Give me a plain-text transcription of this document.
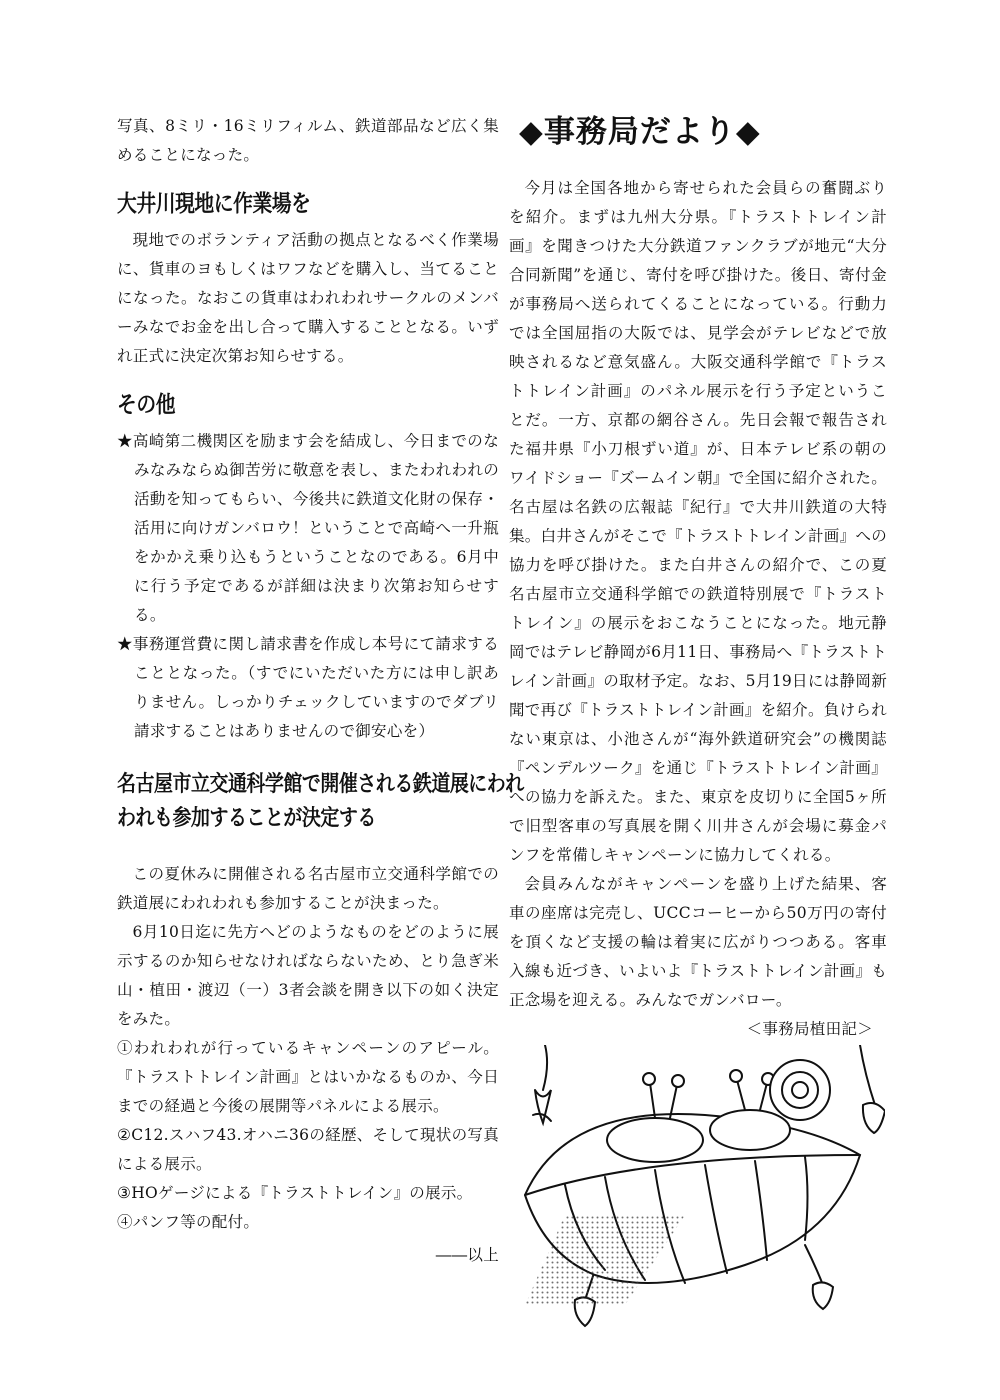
写真、8ミリ・16ミリフィルム、鉄道部品など広く集めることになった。

大井川現地に作業場を

現地でのボランティア活動の拠点となるべく作業場に、貨車のヨもしくはワフなどを購入し、当てることになった。なおこの貨車はわれわれサークルのメンバーみなでお金を出し合って購入することとなる。いずれ正式に決定次第お知らせする。

その他

★高崎第二機関区を励ます会を結成し、今日までのなみなみならぬ御苦労に敬意を表し、またわれわれの活動を知ってもらい、今後共に鉄道文化財の保存・活用に向けガンバロウ！ということで高崎へ一升瓶をかかえ乗り込もうということなのである。6月中に行う予定であるが詳細は決まり次第お知らせする。

★事務運営費に関し請求書を作成し本号にて請求することとなった。（すでにいただいた方には申し訳ありません。しっかりチェックしていますのでダブリ請求することはありませんので御安心を）

名古屋市立交通科学館で開催される鉄道展にわれ
われも参加することが決定する

この夏休みに開催される名古屋市立交通科学館での鉄道展にわれわれも参加することが決まった。

6月10日迄に先方へどのようなものをどのように展示するのか知らせなければならないため、とり急ぎ米山・植田・渡辺（一）3者会談を開き以下の如く決定をみた。

①われわれが行っているキャンペーンのアピール。『トラストトレイン計画』とはいかなるものか、今日までの経過と今後の展開等パネルによる展示。

②C12.スハフ43.オハニ36の経歴、そして現状の写真による展示。

③HOゲージによる『トラストトレイン』の展示。

④パンフ等の配付。

――以上

◆事務局だより◆

今月は全国各地から寄せられた会員らの奮闘ぶりを紹介。まずは九州大分県。『トラストトレイン計画』を聞きつけた大分鉄道ファンクラブが地元“大分合同新聞”を通じ、寄付を呼び掛けた。後日、寄付金が事務局へ送られてくることになっている。行動力では全国屈指の大阪では、見学会がテレビなどで放映されるなど意気盛ん。大阪交通科学館で『トラストトレイン計画』のパネル展示を行う予定ということだ。一方、京都の網谷さん。先日会報で報告された福井県『小刀根ずい道』が、日本テレビ系の朝のワイドショー『ズームイン朝』で全国に紹介された。名古屋は名鉄の広報誌『紀行』で大井川鉄道の大特集。白井さんがそこで『トラストトレイン計画』への協力を呼び掛けた。また白井さんの紹介で、この夏名古屋市立交通科学館での鉄道特別展で『トラストトレイン』の展示をおこなうことになった。地元静岡ではテレビ静岡が6月11日、事務局へ『トラストトレイン計画』の取材予定。なお、5月19日には静岡新聞で再び『トラストトレイン計画』を紹介。負けられない東京は、小池さんが“海外鉄道研究会”の機関誌『ペンデルツーク』を通じ『トラストトレイン計画』への協力を訴えた。また、東京を皮切りに全国5ヶ所で旧型客車の写真展を開く川井さんが会場に募金パンフを常備しキャンペーンに協力してくれる。

会員みんながキャンペーンを盛り上げた結果、客車の座席は完売し、UCCコーヒーから50万円の寄付を頂くなど支援の輪は着実に広がりつつある。客車入線も近づき、いよいよ『トラストトレイン計画』も正念場を迎える。みんなでガンバロー。

＜事務局植田記＞
